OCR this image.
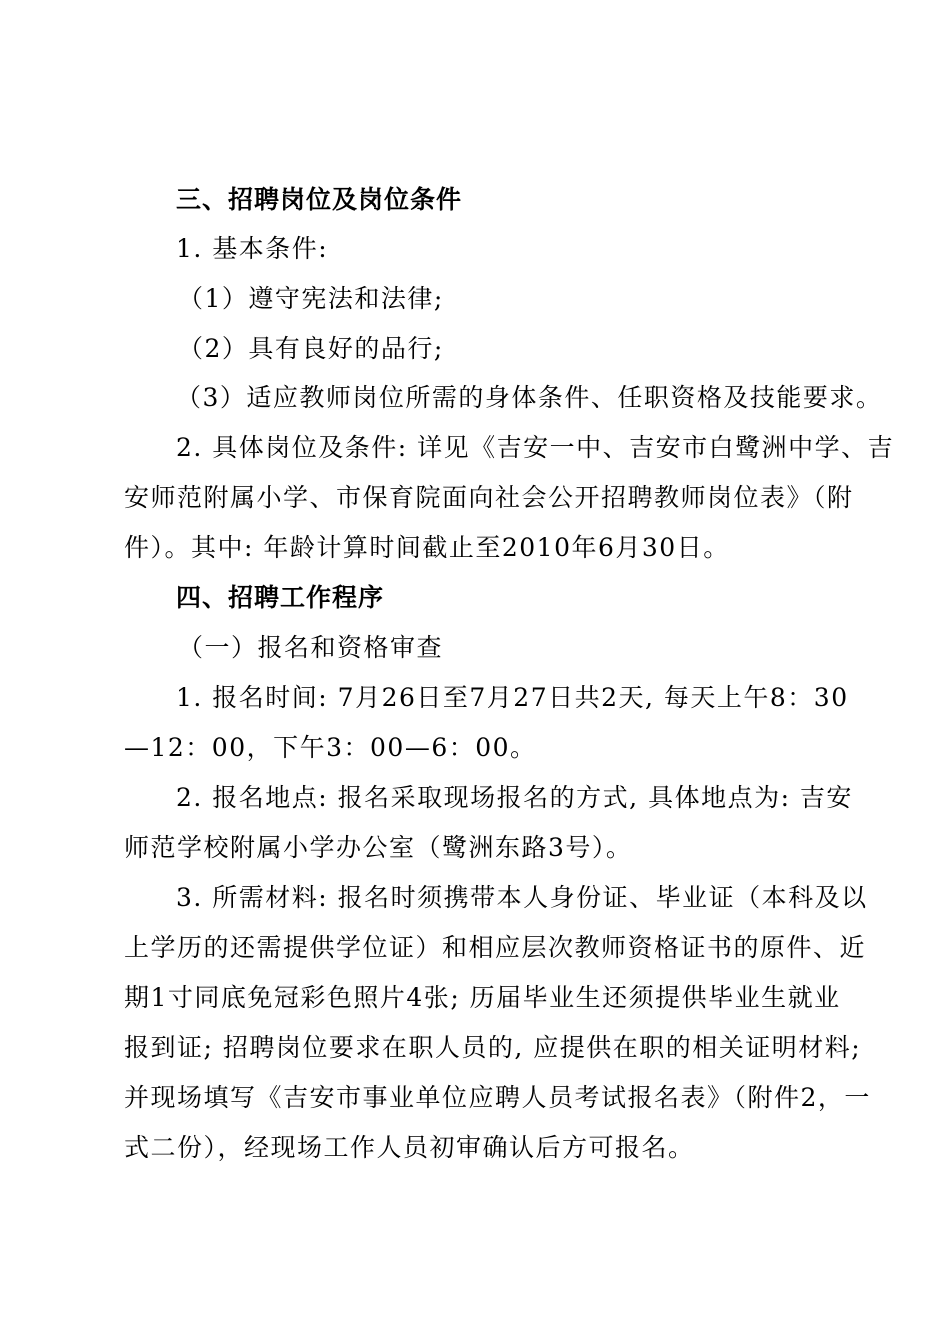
三、招聘岗位及岗位条件

1. 基本条件:

（1）遵守宪法和法律;

（2）具有良好的品行;

（3）适应教师岗位所需的身体条件、任职资格及技能要求。

2. 具体岗位及条件: 详见《吉安一中、吉安市白鹭洲中学、吉

安师范附属小学、市保育院面向社会公开招聘教师岗位表》（附

件）。其中: 年龄计算时间截止至2010年6月30日。

四、招聘工作程序

（一）报名和资格审查

1. 报名时间: 7月26日至7月27日共2天, 每天上午8：30

—12：00，下午3：00—6：00。

2. 报名地点: 报名采取现场报名的方式, 具体地点为: 吉安

师范学校附属小学办公室（鹭洲东路3号）。

3. 所需材料: 报名时须携带本人身份证、毕业证（本科及以

上学历的还需提供学位证）和相应层次教师资格证书的原件、近

期1寸同底免冠彩色照片4张; 历届毕业生还须提供毕业生就业

报到证; 招聘岗位要求在职人员的, 应提供在职的相关证明材料;

并现场填写《吉安市事业单位应聘人员考试报名表》（附件2，一

式二份），经现场工作人员初审确认后方可报名。
